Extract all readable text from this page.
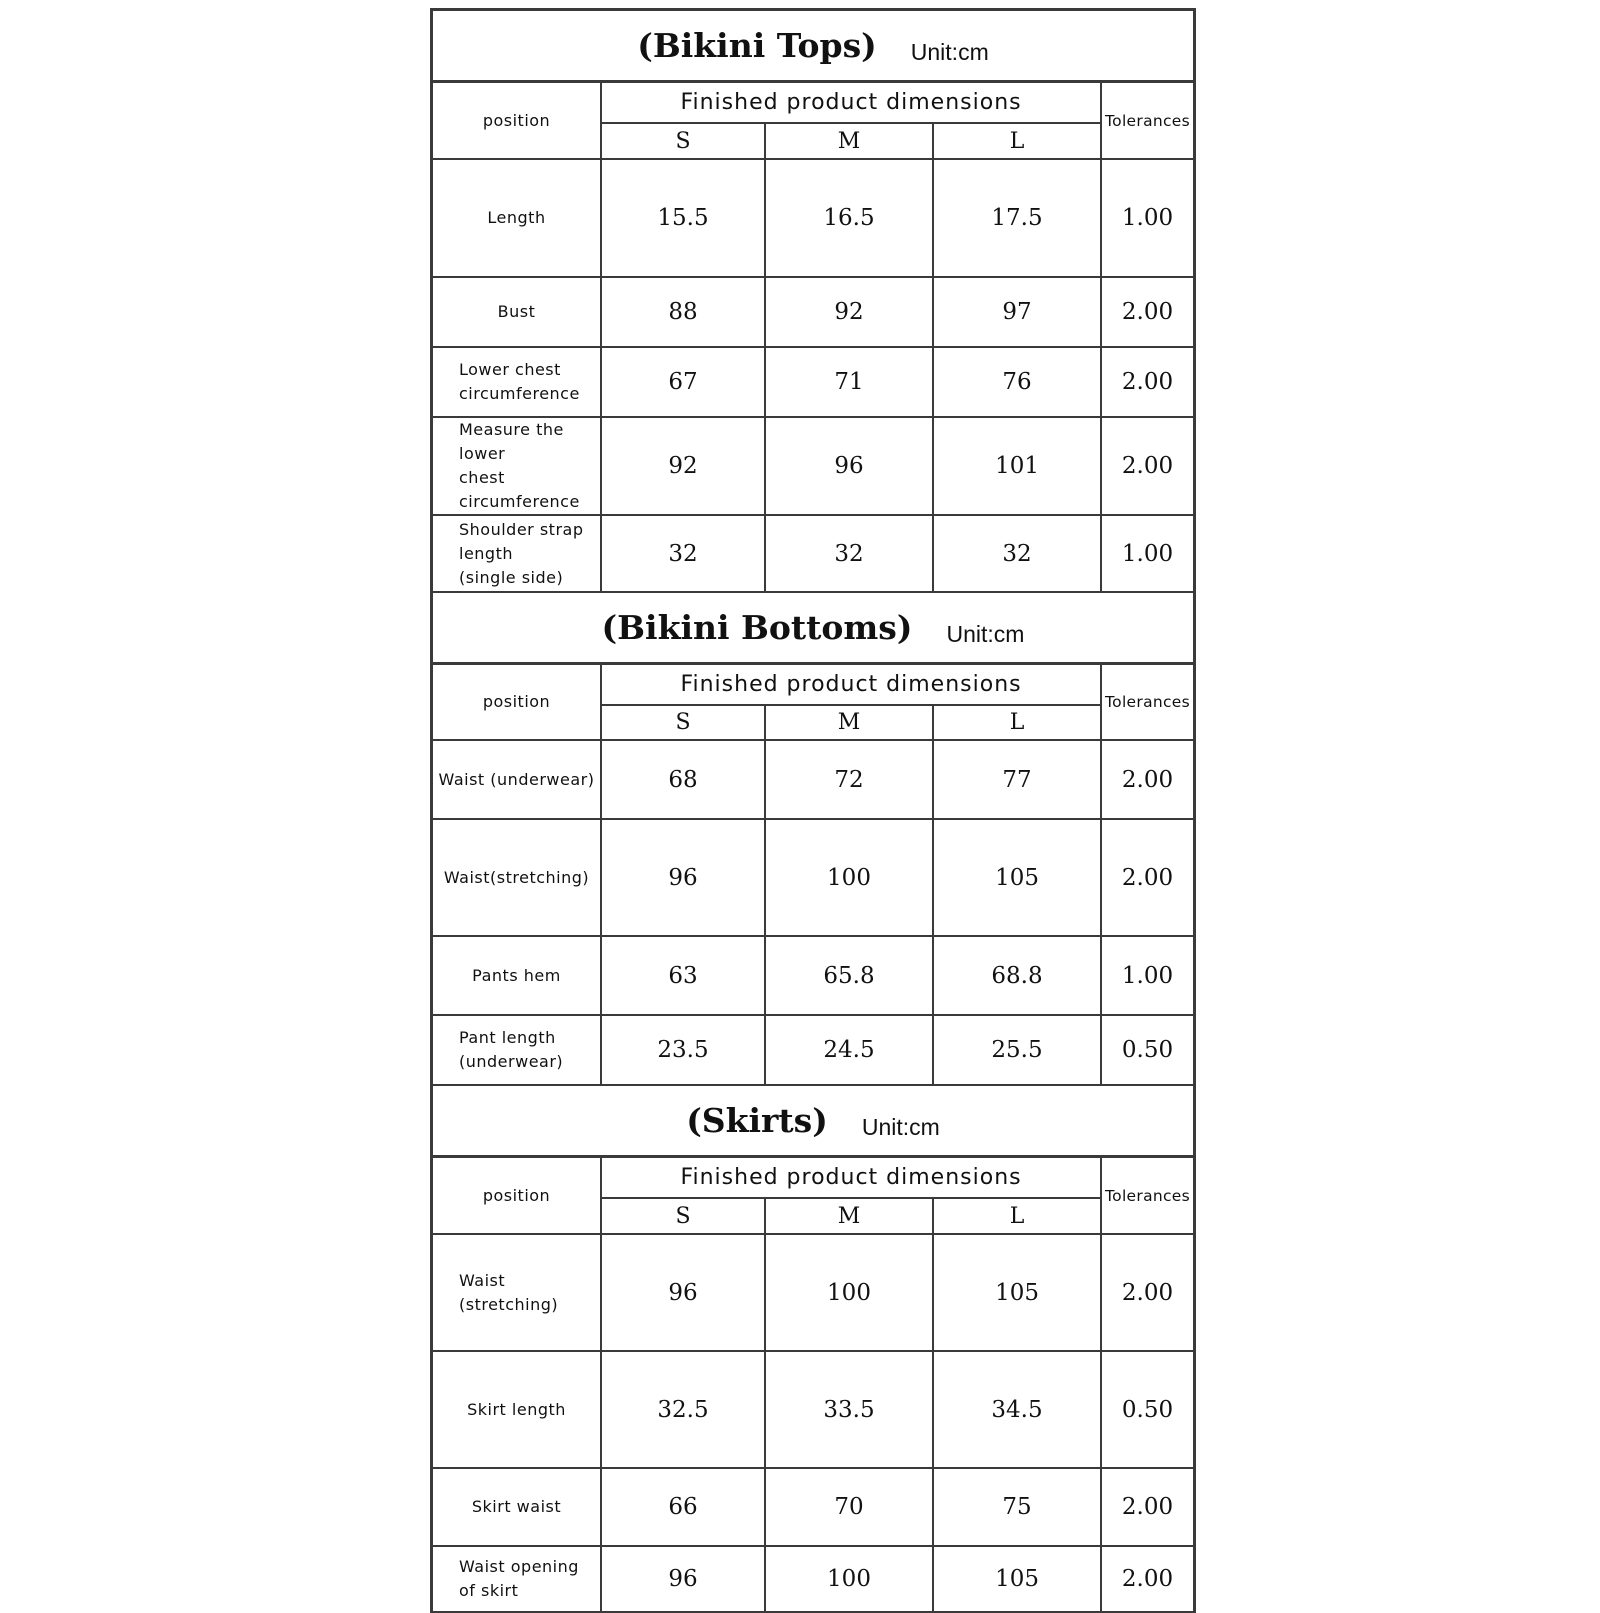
(Bikini Tops) Unit:cm
position	Finished product dimensions			Tolerances
	S	M	L	
Length	15.5	16.5	17.5	1.00
Bust	88	92	97	2.00
Lower chest
circumference	67	71	76	2.00
Measure the lower
chest circumference	92	96	101	2.00
Shoulder strap
length
(single side)	32	32	32	1.00
(Bikini Bottoms) Unit:cm
position	Finished product dimensions			Tolerances
	S	M	L	
Waist (underwear)	68	72	77	2.00
Waist(stretching)	96	100	105	2.00
Pants hem	63	65.8	68.8	1.00
Pant length
(underwear)	23.5	24.5	25.5	0.50
(Skirts) Unit:cm
position	Finished product dimensions			Tolerances
	S	M	L	
Waist
(stretching)	96	100	105	2.00
Skirt length	32.5	33.5	34.5	0.50
Skirt waist	66	70	75	2.00
Waist opening
of skirt	96	100	105	2.00
